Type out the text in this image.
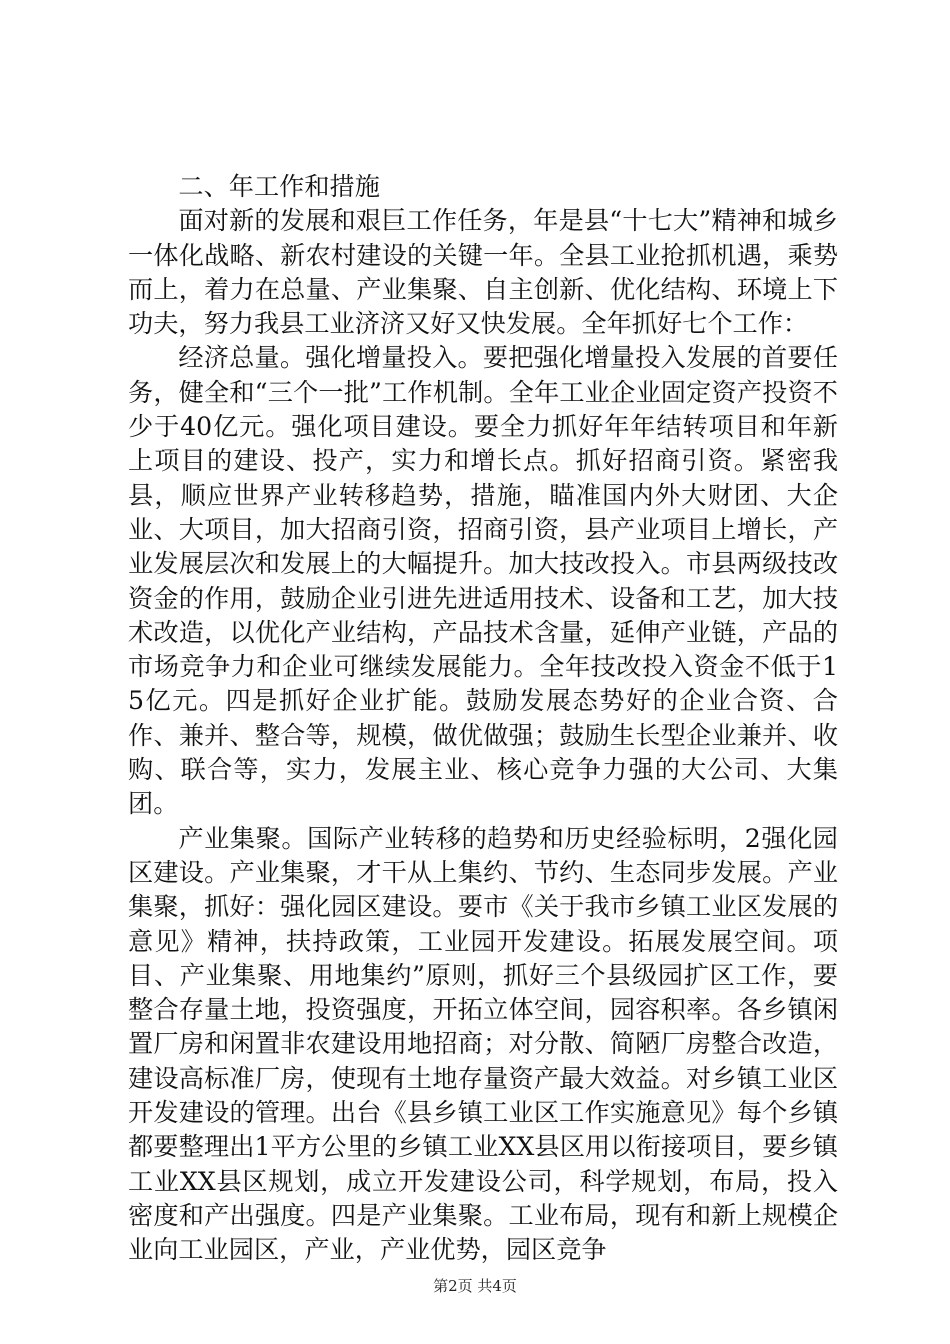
二、年工作和措施

面对新的发展和艰巨工作任务，年是县“十七大”精神和城乡一体化战略、新农村建设的关键一年。全县工业抢抓机遇，乘势而上，着力在总量、产业集聚、自主创新、优化结构、环境上下功夫，努力我县工业济济又好又快发展。全年抓好七个工作：

经济总量。强化增量投入。要把强化增量投入发展的首要任务，健全和“三个一批”工作机制。全年工业企业固定资产投资不少于40亿元。强化项目建设。要全力抓好年年结转项目和年新上项目的建设、投产，实力和增长点。抓好招商引资。紧密我县，顺应世界产业转移趋势，措施，瞄准国内外大财团、大企业、大项目，加大招商引资，招商引资，县产业项目上增长，产业发展层次和发展上的大幅提升。加大技改投入。市县两级技改资金的作用，鼓励企业引进先进适用技术、设备和工艺，加大技术改造，以优化产业结构，产品技术含量，延伸产业链，产品的市场竞争力和企业可继续发展能力。全年技改投入资金不低于15亿元。四是抓好企业扩能。鼓励发展态势好的企业合资、合作、兼并、整合等，规模，做优做强；鼓励生长型企业兼并、收购、联合等，实力，发展主业、核心竞争力强的大公司、大集团。

产业集聚。国际产业转移的趋势和历史经验标明，2强化园区建设。产业集聚，才干从上集约、节约、生态同步发展。产业集聚，抓好：强化园区建设。要市《关于我市乡镇工业区发展的意见》精神，扶持政策，工业园开发建设。拓展发展空间。项目、产业集聚、用地集约”原则，抓好三个县级园扩区工作，要整合存量土地，投资强度，开拓立体空间，园容积率。各乡镇闲置厂房和闲置非农建设用地招商；对分散、简陋厂房整合改造，建设高标准厂房，使现有土地存量资产最大效益。对乡镇工业区开发建设的管理。出台《县乡镇工业区工作实施意见》每个乡镇都要整理出1平方公里的乡镇工业XX县区用以衔接项目，要乡镇工业XX县区规划，成立开发建设公司，科学规划，布局，投入密度和产出强度。四是产业集聚。工业布局，现有和新上规模企业向工业园区，产业，产业优势，园区竞争

第2页 共4页
